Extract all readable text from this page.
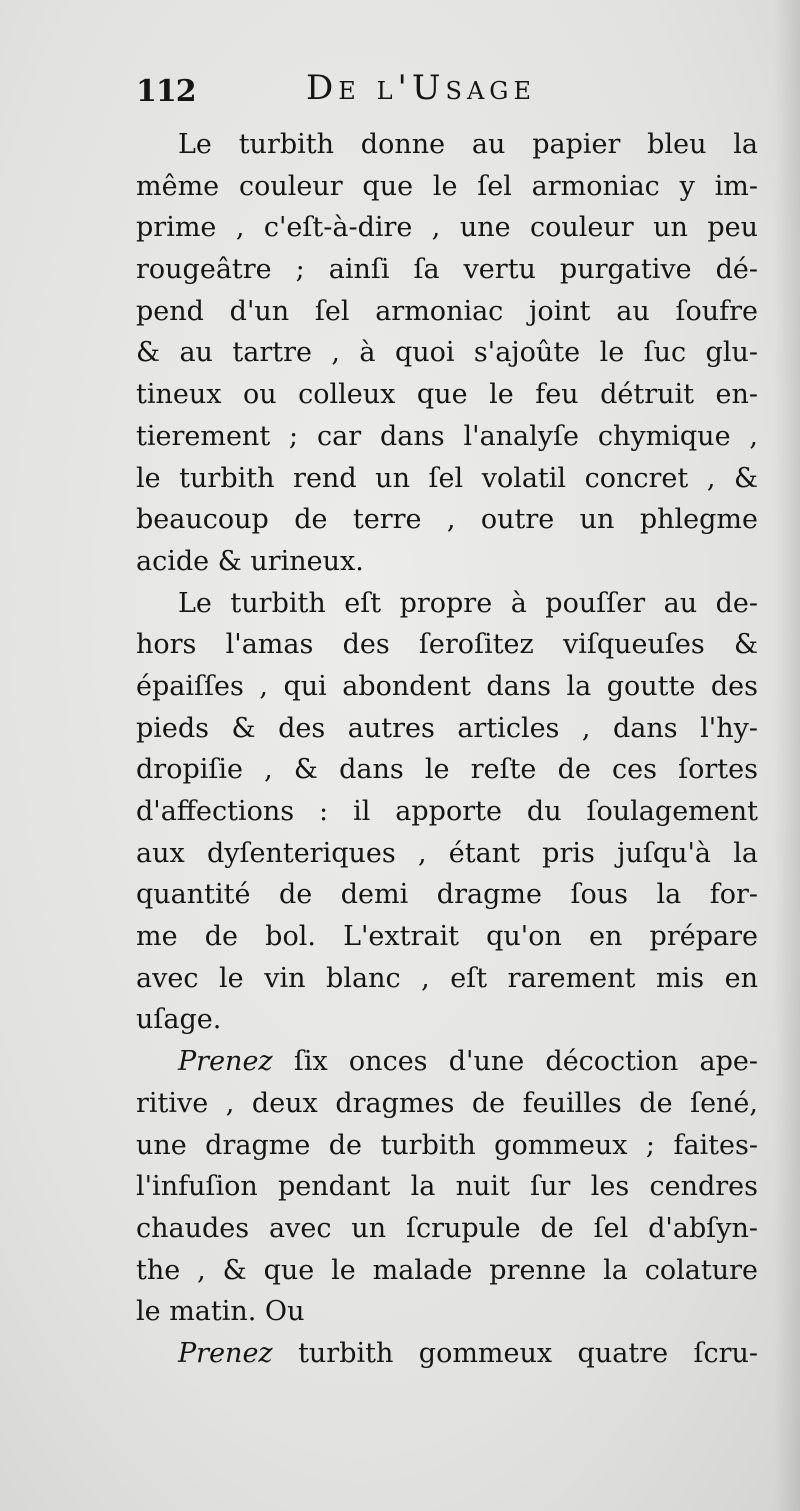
112	De l'Usage
Le turbith donne au papier bleu la
même couleur que le ſel armoniac y im-
prime , c'eſt-à-dire , une couleur un peu
rougeâtre ; ainſi ſa vertu purgative dé-
pend d'un ſel armoniac joint au ſoufre
& au tartre , à quoi s'ajoûte le ſuc glu-
tineux ou colleux que le feu détruit en-
tierement ; car dans l'analyſe chymique ,
le turbith rend un ſel volatil concret , &
beaucoup de terre , outre un phlegme
acide & urineux.
Le turbith eſt propre à pouſſer au de-
hors l'amas des ſeroſitez viſqueuſes &
épaiſſes , qui abondent dans la goutte des
pieds & des autres articles , dans l'hy-
dropiſie , & dans le reſte de ces ſortes
d'affections : il apporte du ſoulagement
aux dyſenteriques , étant pris juſqu'à la
quantité de demi dragme ſous la for-
me de bol. L'extrait qu'on en prépare
avec le vin blanc , eſt rarement mis en
uſage.
Prenez ſix onces d'une décoction ape-
ritive , deux dragmes de feuilles de ſené,
une dragme de turbith gommeux ; faites-
l'infuſion pendant la nuit ſur les cendres
chaudes avec un ſcrupule de ſel d'abſyn-
the , & que le malade prenne la colature
le matin. Ou
Prenez turbith gommeux quatre ſcru-
